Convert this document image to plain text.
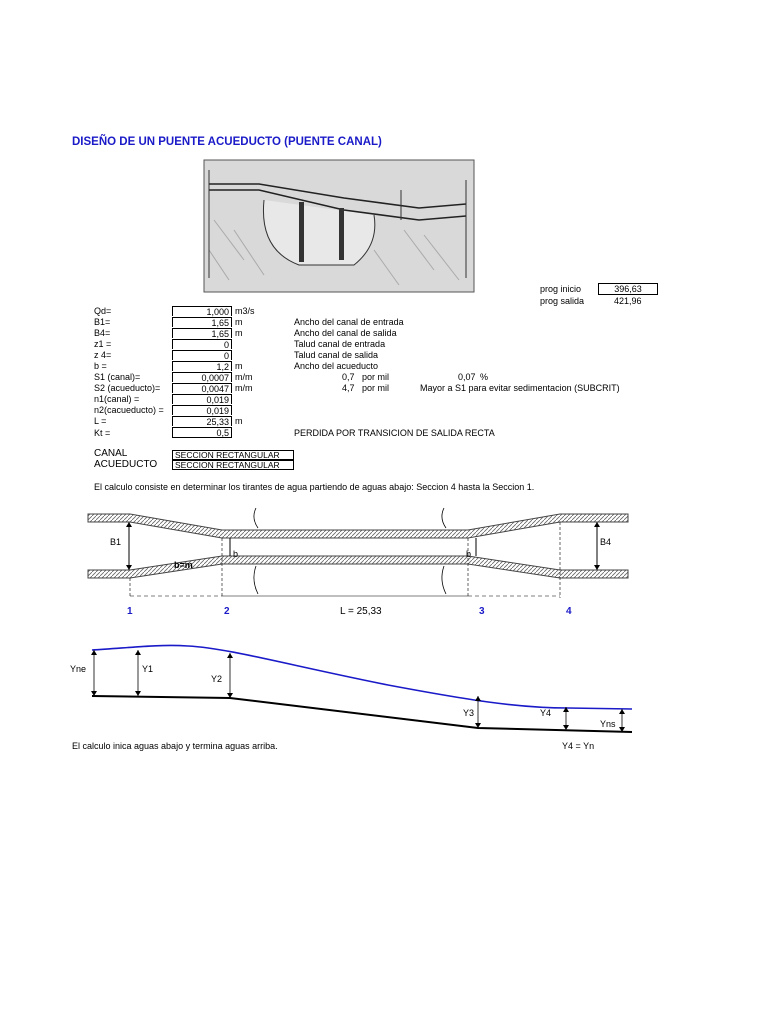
DISEÑO DE UN PUENTE ACUEDUCTO (PUENTE CANAL)
prog inicio	396,63
prog salida	421,96
Qd=	1,000 m3/s
B1=	1,65 m	Ancho del canal de entrada
B4=	1,65 m	Ancho del canal de salida
z1 =	0	Talud canal de entrada
z 4=	0	Talud canal de salida
b =	1,2 m	Ancho del acueducto
S1 (canal)=	0,0007 m/m	0,7 por mil	0,07 %
S2 (acueducto)=	0,0047 m/m	4,7 por mil	Mayor a S1 para evitar sedimentacion (SUBCRIT)
n1(canal) =	0,019
n2(cacueducto) =	0,019
L =	25,33 m
Kt =	0,5	PERDIDA POR TRANSICION DE SALIDA RECTA
CANAL	SECCION RECTANGULAR
ACUEDUCTO	SECCION RECTANGULAR
El calculo consiste en determinar los tirantes de agua partiendo de aguas abajo: Seccion 4 hasta la Seccion 1.
B1	B4
b	b
b=m
1	2	L = 25,33	3	4
Yne	Y1
Y2
Y3	Y4
Yns
El calculo inica aguas abajo y termina aguas arriba.	Y4 = Yn
